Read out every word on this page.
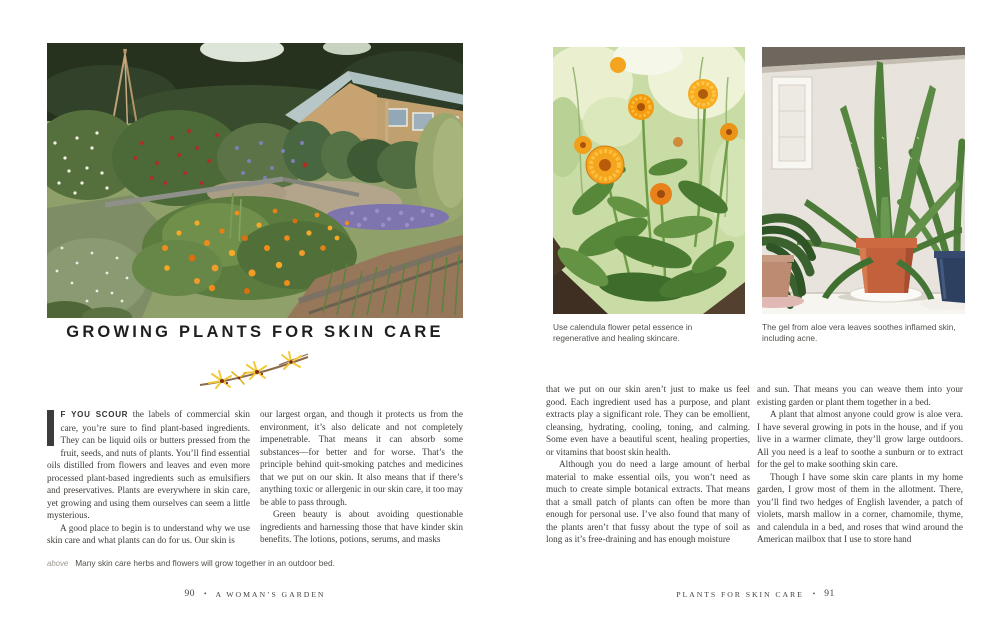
GROWING PLANTS FOR SKIN CARE

F YOU SCOUR the labels of commercial skin care, you’re sure to find plant-based ingredients. They can be liquid oils or butters pressed from the fruit, seeds, and nuts of plants. You’ll find essential oils distilled from flowers and leaves and even more processed plant-based ingredients such as emulsifiers and preservatives. Plants are everywhere in skin care, yet growing and using them ourselves can seem a little mysterious.

A good place to begin is to understand why we use skin care and what plants can do for us. Our skin is

our largest organ, and though it protects us from the environment, it’s also delicate and not completely impenetrable. That means it can absorb some substances—for better and for worse. That’s the principle behind quit-smoking patches and medicines that we put on our skin. It also means that if there’s anything toxic or allergenic in our skin care, it too may be able to pass through.

Green beauty is about avoiding questionable ingredients and harnessing those that have kinder skin benefits. The lotions, potions, serums, and masks

above Many skin care herbs and flowers will grow together in an outdoor bed.

90 • A WOMAN’S GARDEN

Use calendula flower petal essence in regenerative and healing skincare.

The gel from aloe vera leaves soothes inflamed skin, including acne.

that we put on our skin aren’t just to make us feel good. Each ingredient used has a purpose, and plant extracts play a significant role. They can be emollient, cleansing, hydrating, cooling, toning, and calming. Some even have a beautiful scent, healing properties, or vitamins that boost skin health.

Although you do need a large amount of herbal material to make essential oils, you won’t need as much to create simple botanical extracts. That means that a small patch of plants can often be more than enough for personal use. I’ve also found that many of the plants aren’t that fussy about the type of soil as long as it’s free-draining and has enough moisture

and sun. That means you can weave them into your existing garden or plant them together in a bed.

A plant that almost anyone could grow is aloe vera. I have several growing in pots in the house, and if you live in a warmer climate, they’ll grow large outdoors. All you need is a leaf to soothe a sunburn or to extract for the gel to make soothing skin care.

Though I have some skin care plants in my home garden, I grow most of them in the allotment. There, you’ll find two hedges of English lavender, a patch of violets, marsh mallow in a corner, chamomile, thyme, and calendula in a bed, and roses that wind around the American mailbox that I use to store hand

PLANTS FOR SKIN CARE • 91
